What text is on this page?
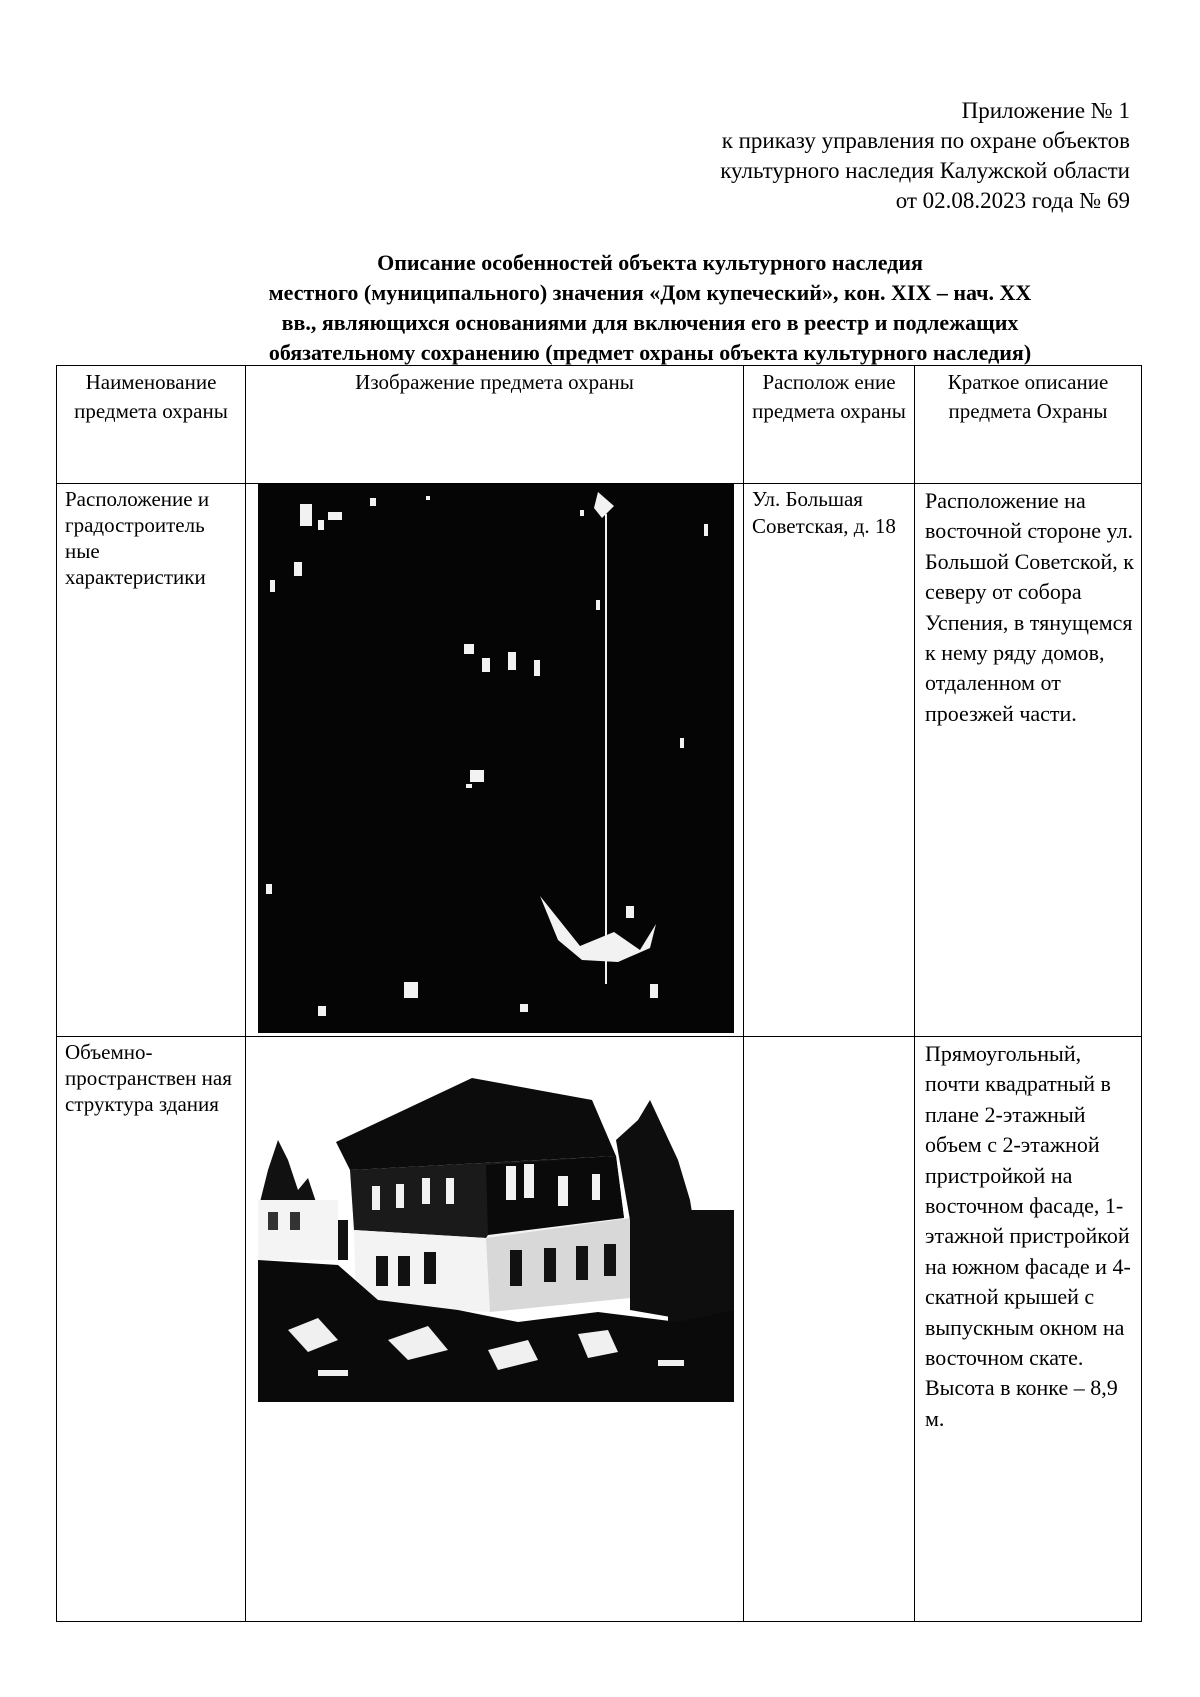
Приложение № 1
к приказу управления по охране объектов
культурного наследия Калужской области
от 02.08.2023 года № 69
Описание особенностей объекта культурного наследия
местного (муниципального) значения «Дом купеческий», кон. XIX – нач. XX
вв., являющихся основаниями для включения его в реестр и подлежащих
обязательному сохранению (предмет охраны объекта культурного наследия)
Наименование предмета охраны	Изображение предмета охраны	Располож ение предмета охраны	Краткое описание предмета Охраны
Расположение и градостроитель ные характеристики		Ул. Большая Советская, д. 18	Расположение на восточной стороне ул. Большой Советской, к северу от собора Успения, в тянущемся к нему ряду домов, отдаленном от проезжей части.
Объемно-пространствен ная структура здания			Прямоугольный, почти квадратный в плане 2-этажный объем с 2-этажной пристройкой на восточном фасаде, 1-этажной пристройкой на южном фасаде и 4-скатной крышей с выпускным окном на восточном скате. Высота в конке – 8,9 м.
